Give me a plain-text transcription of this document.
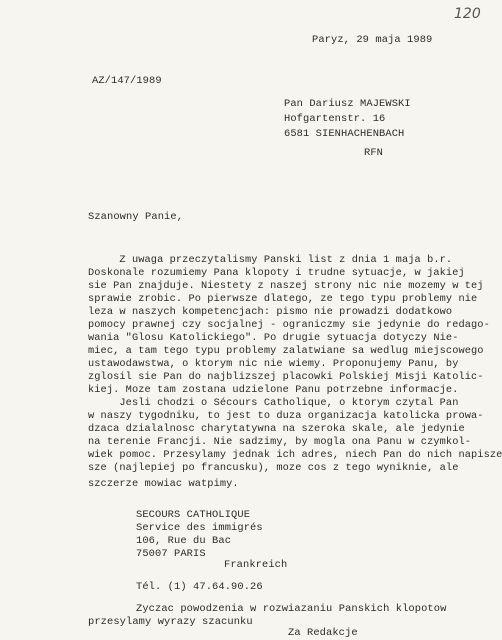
120
Paryz, 29 maja 1989
AZ/147/1989
Pan Dariusz MAJEWSKI
Hofgartenstr. 16
6581 SIENHACHENBACH
RFN
Szanowny Panie,
Z uwaga przeczytalismy Panski list z dnia 1 maja b.r.
Doskonale rozumiemy Pana klopoty i trudne sytuacje, w jakiej
sie Pan znajduje. Niestety z naszej strony nic nie mozemy w tej
sprawie zrobic. Po pierwsze dlatego, ze tego typu problemy nie
leza w naszych kompetencjach: pismo nie prowadzi dodatkowo
pomocy prawnej czy socjalnej - ograniczmy sie jedynie do redago-
wania "Glosu Katolickiego". Po drugie sytuacja dotyczy Nie-
miec, a tam tego typu problemy zalatwiane sa wedlug miejscowego
ustawodawstwa, o ktorym nic nie wiemy. Proponujemy Panu, by
zglosil sie Pan do najblizszej placowki Polskiej Misji Katolic-
kiej. Moze tam zostana udzielone Panu potrzebne informacje.
Jesli chodzi o Sécours Catholique, o ktorym czytal Pan
w naszy tygodniku, to jest to duza organizacja katolicka prowa-
dzaca dzialalnosc charytatywna na szeroka skale, ale jedynie
na terenie Francji. Nie sadzimy, by mogla ona Panu w czymkol-
wiek pomoc. Przesylamy jednak ich adres, niech Pan do nich napisze
sze (najlepiej po francusku), moze cos z tego wyniknie, ale
szczerze mowiac watpimy.
SECOURS CATHOLIQUE
Service des immigrés
106, Rue du Bac
75007 PARIS
Frankreich
Tél. (1) 47.64.90.26
Zyczac powodzenia w rozwiazaniu Panskich klopotow
przesylamy wyrazy szacunku
Za Redakcje
